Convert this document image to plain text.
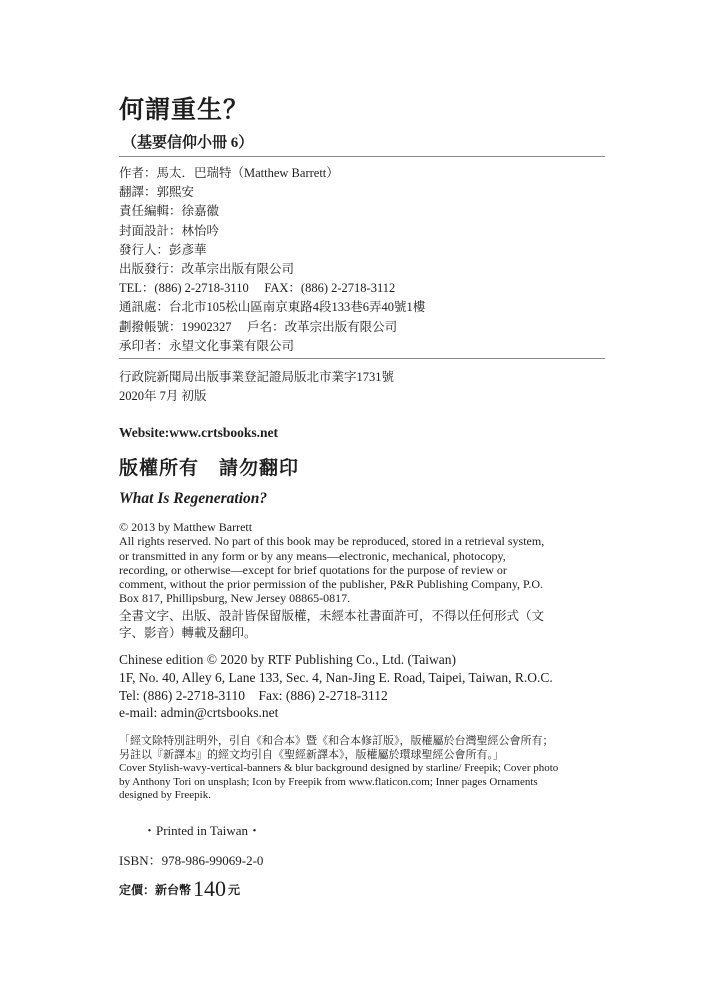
何謂重生？
（基要信仰小冊 6）
作者：馬太．巴瑞特（Matthew Barrett）
翻譯：郭熙安
責任編輯：徐嘉徽
封面設計：林怡吟
發行人：彭彥華
出版發行：改革宗出版有限公司
TEL：(886) 2-2718-3110　 FAX：(886) 2-2718-3112
通訊處：台北市105松山區南京東路4段133巷6弄40號1樓
劃撥帳號：19902327　 戶名：改革宗出版有限公司
承印者：永望文化事業有限公司
行政院新聞局出版事業登記證局版北市業字1731號
2020年 7月 初版
Website:www.crtsbooks.net
版權所有　請勿翻印
What Is Regeneration?
© 2013 by Matthew Barrett
All rights reserved. No part of this book may be reproduced, stored in a retrieval system,
or transmitted in any form or by any means—electronic, mechanical, photocopy,
recording, or otherwise—except for brief quotations for the purpose of review or
comment, without the prior permission of the publisher, P&R Publishing Company, P.O.
Box 817, Phillipsburg, New Jersey 08865-0817.
全書文字、出版、設計皆保留版權，未經本社書面許可，不得以任何形式（文
字、影音）轉載及翻印。
Chinese edition © 2020 by RTF Publishing Co., Ltd. (Taiwan)
1F, No. 40, Alley 6, Lane 133, Sec. 4, Nan-Jing E. Road, Taipei, Taiwan, R.O.C.
Tel: (886) 2-2718-3110　Fax: (886) 2-2718-3112
e-mail: admin@crtsbooks.net
「經文除特別註明外，引自《和合本》暨《和合本修訂版》，版權屬於台灣聖經公會所有；
另註以『新譯本』的經文均引自《聖經新譯本》，版權屬於環球聖經公會所有。」
Cover Stylish-wavy-vertical-banners & blur background designed by starline/ Freepik; Cover photo
by Anthony Tori on unsplash; Icon by Freepik from www.flaticon.com; Inner pages Ornaments
designed by Freepik.
・Printed in Taiwan・
ISBN：978-986-99069-2-0
定價：新台幣140 元
